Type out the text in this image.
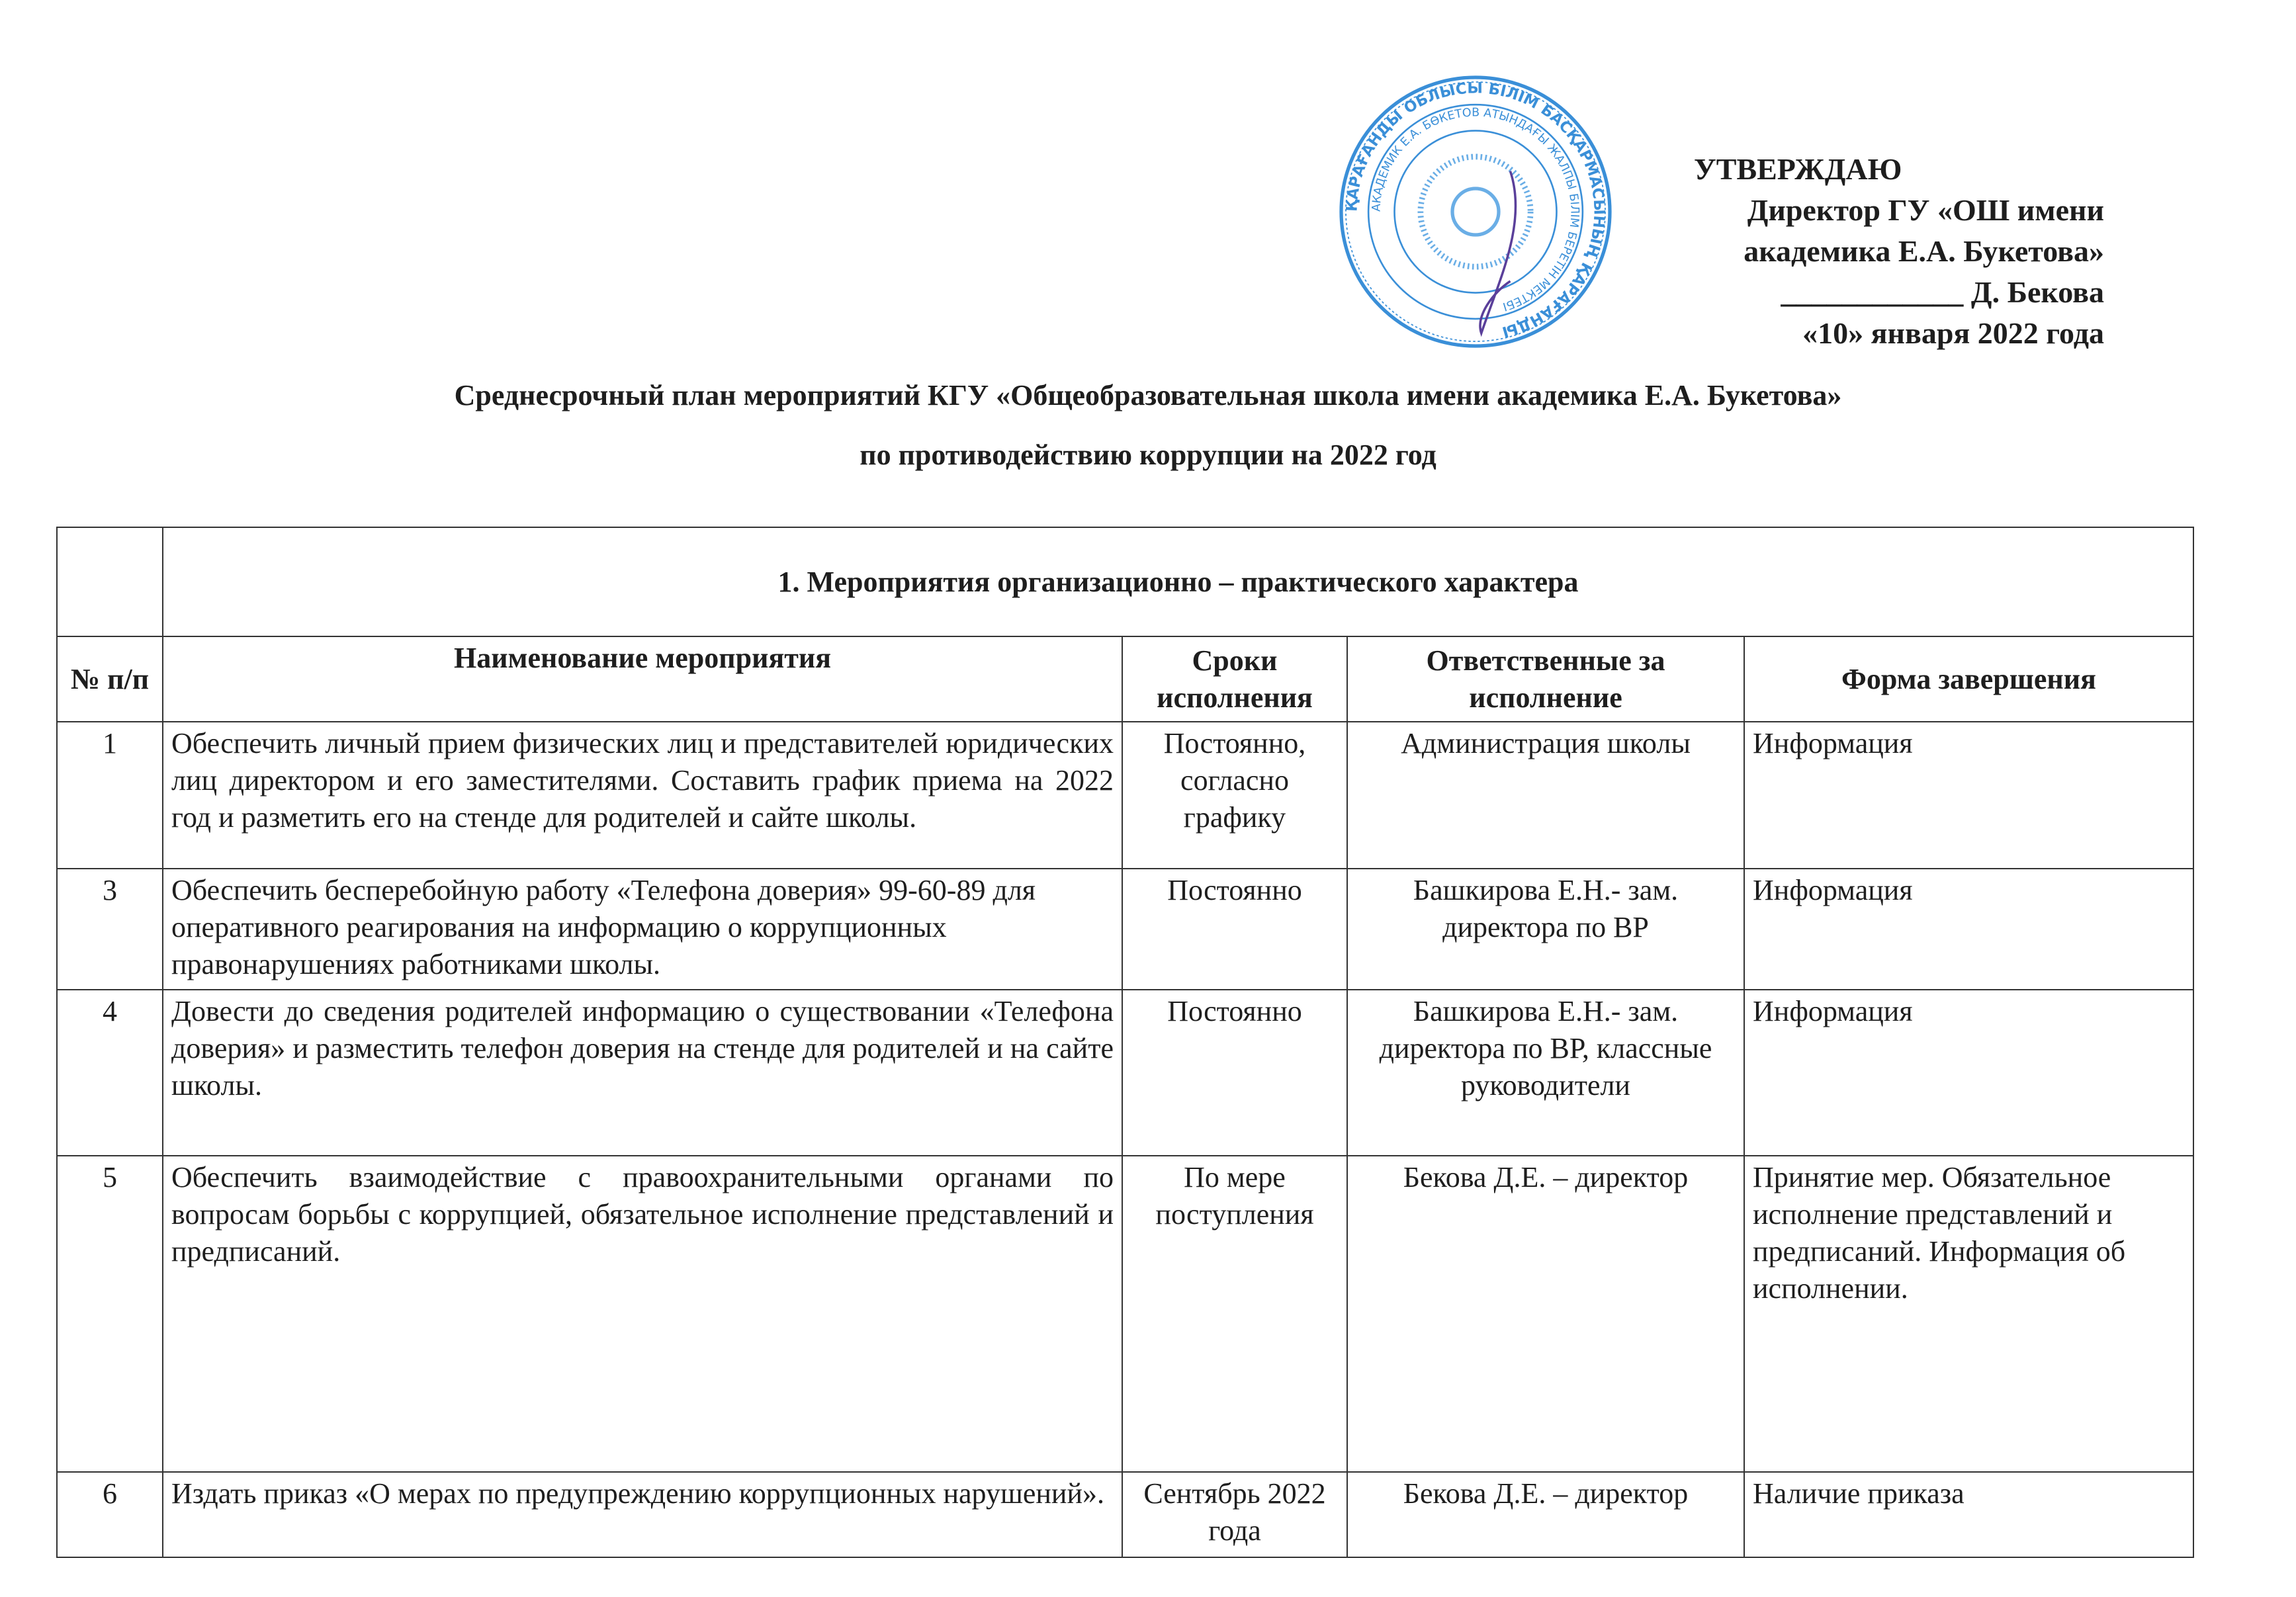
ҚАРАҒАНДЫ ОБЛЫСЫ БІЛІМ БАСҚАРМАСЫНЫҢ ҚАРАҒАНДЫ
АКАДЕМИК Е.А. БӨКЕТОВ АТЫНДАҒЫ ЖАЛПЫ БІЛІМ БЕРЕТІН МЕКТЕБІ
УТВЕРЖДАЮ
Директор ГУ «ОШ имени
академика Е.А. Букетова»
____________ Д. Бекова
«10» января 2022 года
Среднесрочный план мероприятий КГУ «Общеобразовательная школа имени академика Е.А. Букетова»
по противодействию коррупции на 2022 год
	1. Мероприятия организационно – практического характера			
№ п/п	Наименование мероприятия	Сроки исполнения	Ответственные за исполнение	Форма завершения
1	Обеспечить личный прием физических лиц и представителей юридических лиц директором и его заместителями. Составить график приема на 2022 год и разметить его на стенде для родителей и сайте школы.	Постоянно, согласно графику	Администрация школы	Информация
3	Обеспечить бесперебойную работу «Телефона доверия» 99-60-89 для оперативного реагирования на информацию о коррупционных правонарушениях работниками школы.	Постоянно	Башкирова Е.Н.- зам. директора по ВР	Информация
4	Довести до сведения родителей информацию о существовании «Телефона доверия» и разместить телефон доверия на стенде для родителей и на сайте школы.	Постоянно	Башкирова Е.Н.- зам. директора по ВР, классные руководители	Информация
5	Обеспечить взаимодействие с правоохранительными органами по вопросам борьбы с коррупцией, обязательное исполнение представлений и предписаний.	По мере поступления	Бекова Д.Е. – директор	Принятие мер. Обязательное исполнение представлений и предписаний. Информация об исполнении.
6	Издать приказ «О мерах по предупреждению коррупционных нарушений».	Сентябрь 2022 года	Бекова Д.Е. – директор	Наличие приказа
